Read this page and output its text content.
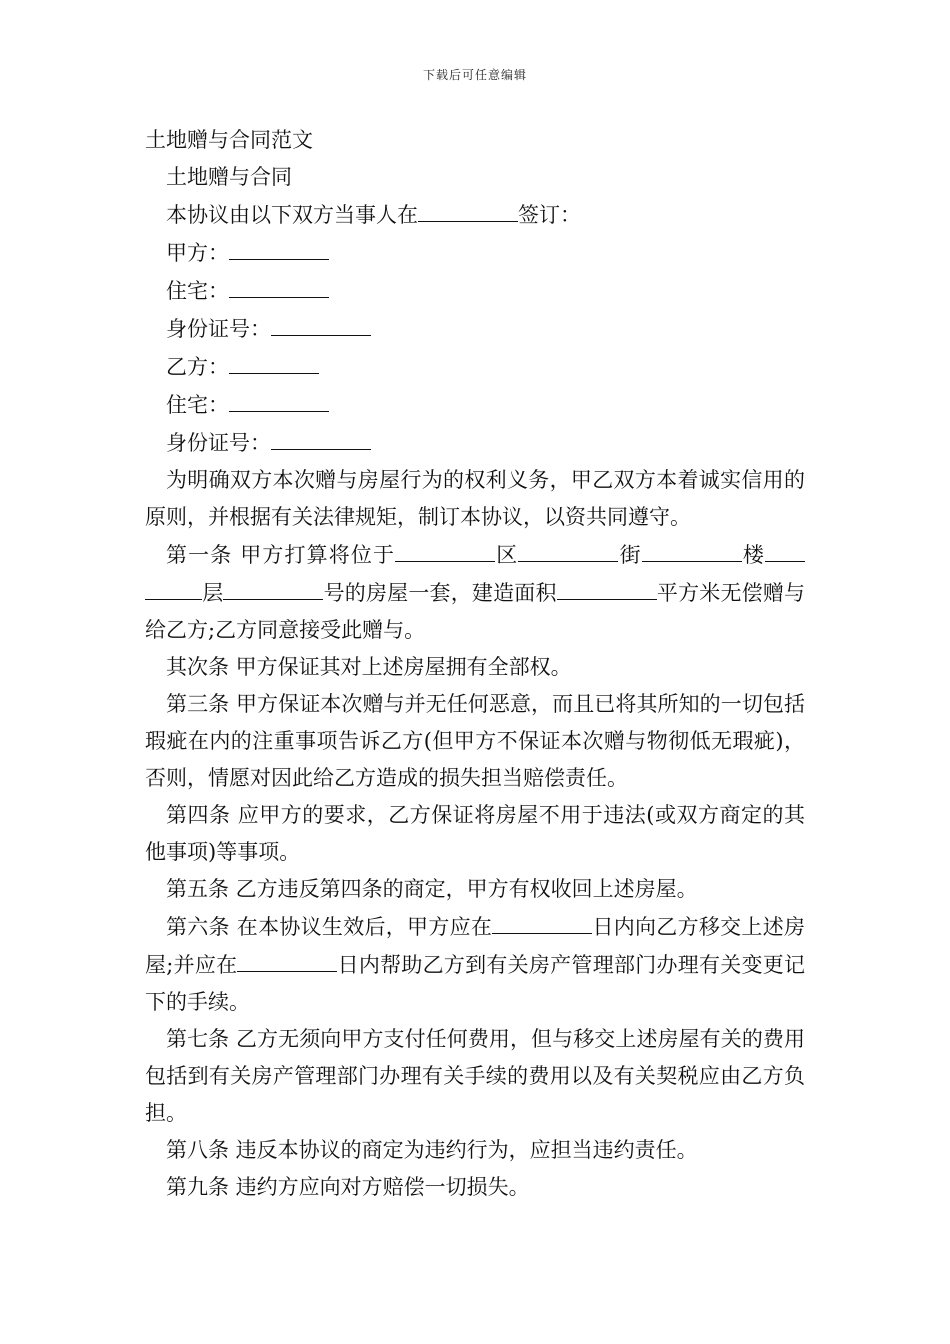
下载后可任意编辑
土地赠与合同范文

土地赠与合同

本协议由以下双方当事人在	签订：

甲方：

住宅：

身份证号：

乙方：

住宅：

身份证号：

为明确双方本次赠与房屋行为的权利义务，甲乙双方本着诚实信用的原则，并根据有关法律规矩，制订本协议，以资共同遵守。

第一条 甲方打算将位于	区	街	楼层	号的房屋一套，建造面积	平方米无偿赠与给乙方;乙方同意接受此赠与。

其次条 甲方保证其对上述房屋拥有全部权。

第三条 甲方保证本次赠与并无任何恶意，而且已将其所知的一切包括瑕疵在内的注重事项告诉乙方(但甲方不保证本次赠与物彻低无瑕疵)，否则，情愿对因此给乙方造成的损失担当赔偿责任。

第四条 应甲方的要求，乙方保证将房屋不用于违法(或双方商定的其他事项)等事项。

第五条 乙方违反第四条的商定，甲方有权收回上述房屋。

第六条 在本协议生效后，甲方应在	日内向乙方移交上述房屋;并应在	日内帮助乙方到有关房产管理部门办理有关变更记下的手续。

第七条 乙方无须向甲方支付任何费用，但与移交上述房屋有关的费用包括到有关房产管理部门办理有关手续的费用以及有关契税应由乙方负担。

第八条 违反本协议的商定为违约行为，应担当违约责任。

第九条 违约方应向对方赔偿一切损失。
